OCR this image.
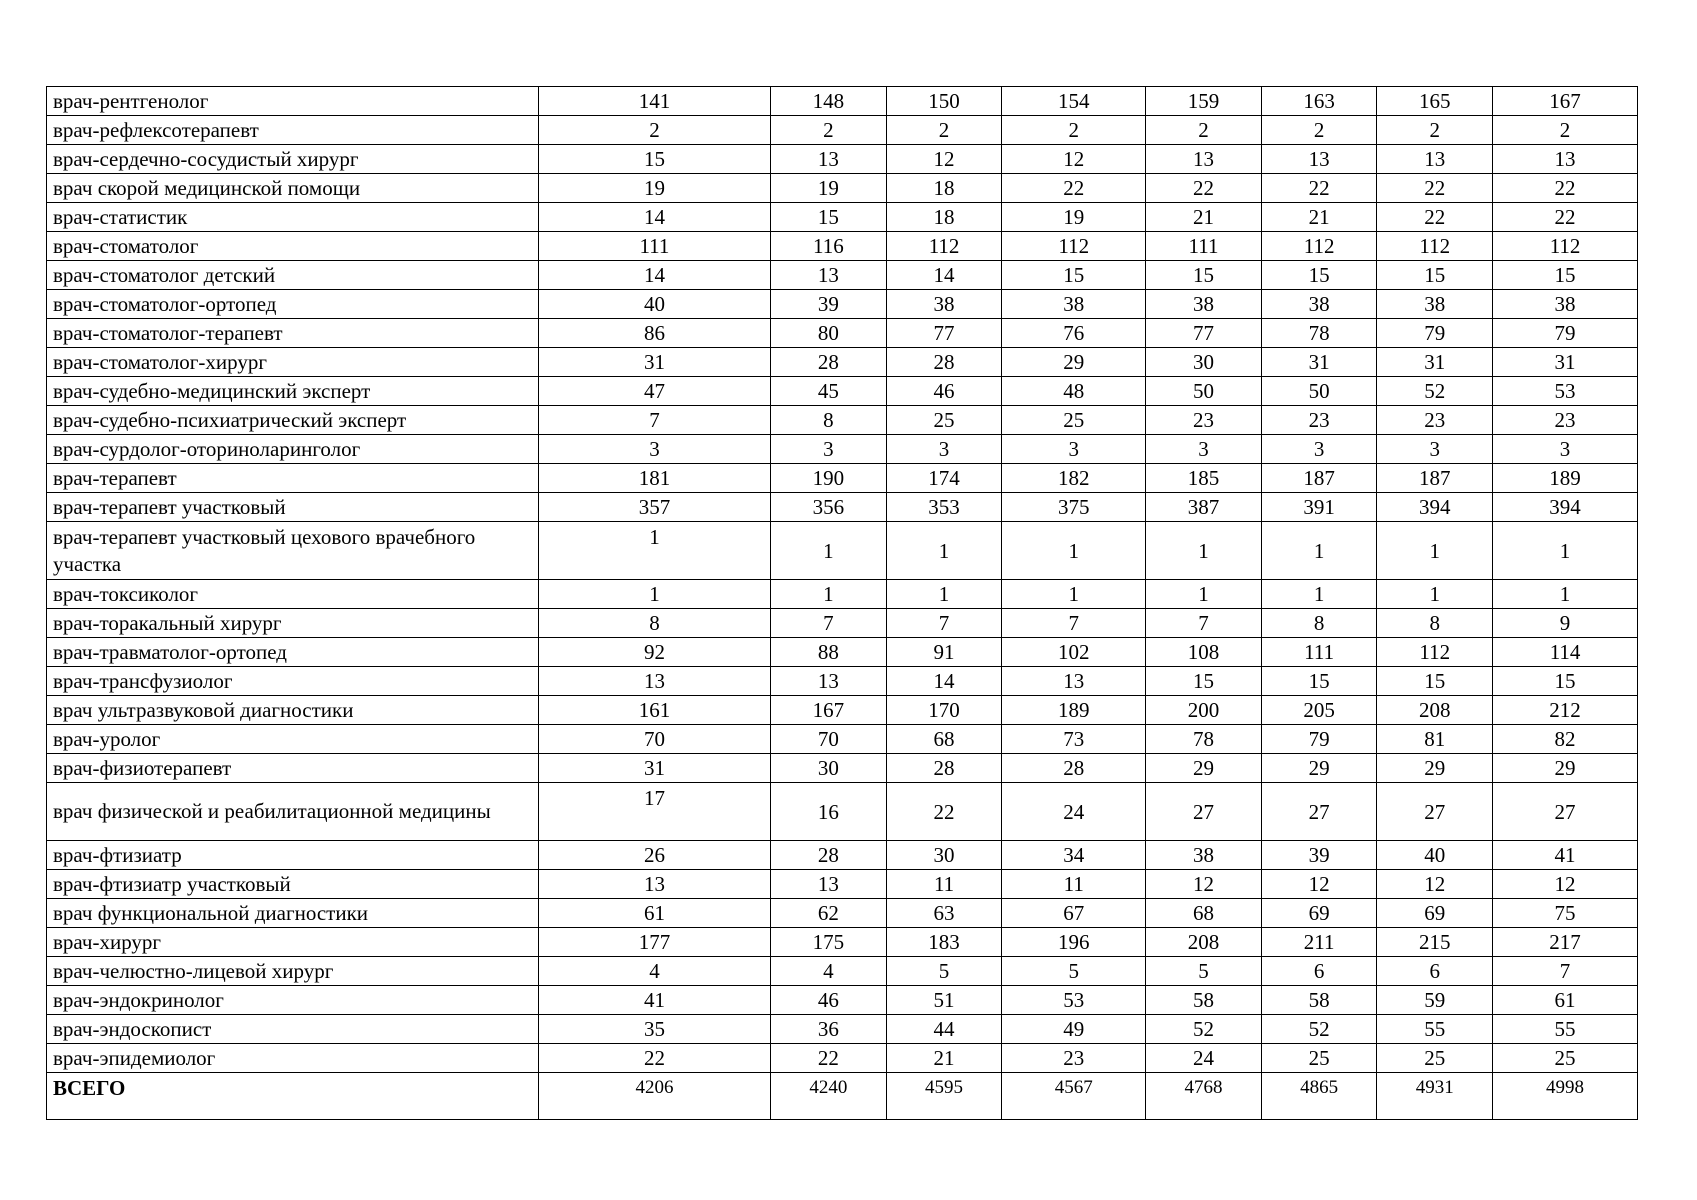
врач-рентгенолог	141	148	150	154	159	163	165	167
врач-рефлексотерапевт	2	2	2	2	2	2	2	2
врач-сердечно-сосудистый хирург	15	13	12	12	13	13	13	13
врач скорой медицинской помощи	19	19	18	22	22	22	22	22
врач-статистик	14	15	18	19	21	21	22	22
врач-стоматолог	111	116	112	112	111	112	112	112
врач-стоматолог детский	14	13	14	15	15	15	15	15
врач-стоматолог-ортопед	40	39	38	38	38	38	38	38
врач-стоматолог-терапевт	86	80	77	76	77	78	79	79
врач-стоматолог-хирург	31	28	28	29	30	31	31	31
врач-судебно-медицинский эксперт	47	45	46	48	50	50	52	53
врач-судебно-психиатрический эксперт	7	8	25	25	23	23	23	23
врач-сурдолог-оториноларинголог	3	3	3	3	3	3	3	3
врач-терапевт	181	190	174	182	185	187	187	189
врач-терапевт участковый	357	356	353	375	387	391	394	394
врач-терапевт участковый цехового врачебного участка	1	1	1	1	1	1	1	1
врач-токсиколог	1	1	1	1	1	1	1	1
врач-торакальный хирург	8	7	7	7	7	8	8	9
врач-травматолог-ортопед	92	88	91	102	108	111	112	114
врач-трансфузиолог	13	13	14	13	15	15	15	15
врач ультразвуковой диагностики	161	167	170	189	200	205	208	212
врач-уролог	70	70	68	73	78	79	81	82
врач-физиотерапевт	31	30	28	28	29	29	29	29
врач физической и реабилитационной медицины	17	16	22	24	27	27	27	27
врач-фтизиатр	26	28	30	34	38	39	40	41
врач-фтизиатр участковый	13	13	11	11	12	12	12	12
врач функциональной диагностики	61	62	63	67	68	69	69	75
врач-хирург	177	175	183	196	208	211	215	217
врач-челюстно-лицевой хирург	4	4	5	5	5	6	6	7
врач-эндокринолог	41	46	51	53	58	58	59	61
врач-эндоскопист	35	36	44	49	52	52	55	55
врач-эпидемиолог	22	22	21	23	24	25	25	25
ВСЕГО	4206	4240	4595	4567	4768	4865	4931	4998
